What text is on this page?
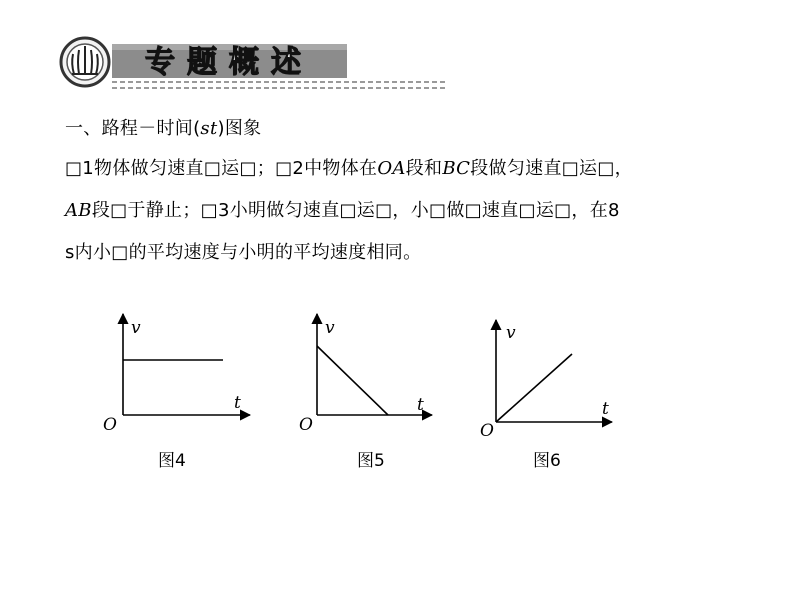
专题概述

一、路程－时间(st)图象

□1物体做匀速直□运□；□2中物体在OA段和BC段做匀速直□运□，

AB段□于静止；□3小明做匀速直□运□，小□做□速直□运□，在8

s内小□的平均速度与小明的平均速度相同。

v
t
O
图4
v
t
O
图5
v
t
O
图6
